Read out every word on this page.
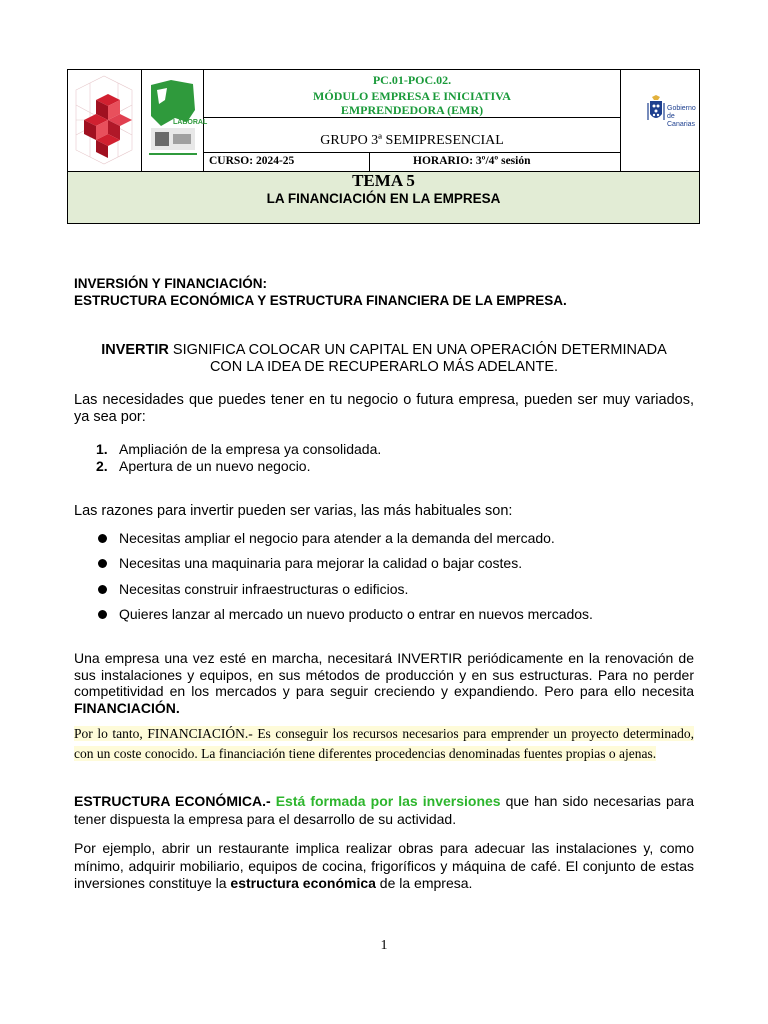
LABORAL
PC.01-POC.02.
MÓDULO EMPRESA E INICIATIVA
EMPRENDEDORA (EMR)
GRUPO 3ª SEMIPRESENCIAL
CURSO: 2024-25	HORARIO: 3º/4º sesión
Gobierno
de Canarias
TEMA 5
LA FINANCIACIÓN EN LA EMPRESA
INVERSIÓN Y FINANCIACIÓN:
ESTRUCTURA ECONÓMICA Y ESTRUCTURA FINANCIERA DE LA EMPRESA.
INVERTIR SIGNIFICA COLOCAR UN CAPITAL EN UNA OPERACIÓN DETERMINADA
CON LA IDEA DE RECUPERARLO MÁS ADELANTE.
Las necesidades que puedes tener en tu negocio o futura empresa, pueden ser muy variados, ya sea por:
1. Ampliación de la empresa ya consolidada.
2. Apertura de un nuevo negocio.
Las razones para invertir pueden ser varias, las más habituales son:
Necesitas ampliar el negocio para atender a la demanda del mercado.
Necesitas una maquinaria para mejorar la calidad o bajar costes.
Necesitas construir infraestructuras o edificios.
Quieres lanzar al mercado un nuevo producto o entrar en nuevos mercados.
Una empresa una vez esté en marcha, necesitará INVERTIR periódicamente en la renovación de sus instalaciones y equipos, en sus métodos de producción y en sus estructuras. Para no perder competitividad en los mercados y para seguir creciendo y expandiendo. Pero para ello necesita FINANCIACIÓN.
Por lo tanto, FINANCIACIÓN.- Es conseguir los recursos necesarios para emprender un proyecto determinado, con un coste conocido. La financiación tiene diferentes procedencias denominadas fuentes propias o ajenas.
ESTRUCTURA ECONÓMICA.- Está formada por las inversiones que han sido necesarias para tener dispuesta la empresa para el desarrollo de su actividad.
Por ejemplo, abrir un restaurante implica realizar obras para adecuar las instalaciones y, como mínimo, adquirir mobiliario, equipos de cocina, frigoríficos y máquina de café. El conjunto de estas inversiones constituye la estructura económica de la empresa.
1
